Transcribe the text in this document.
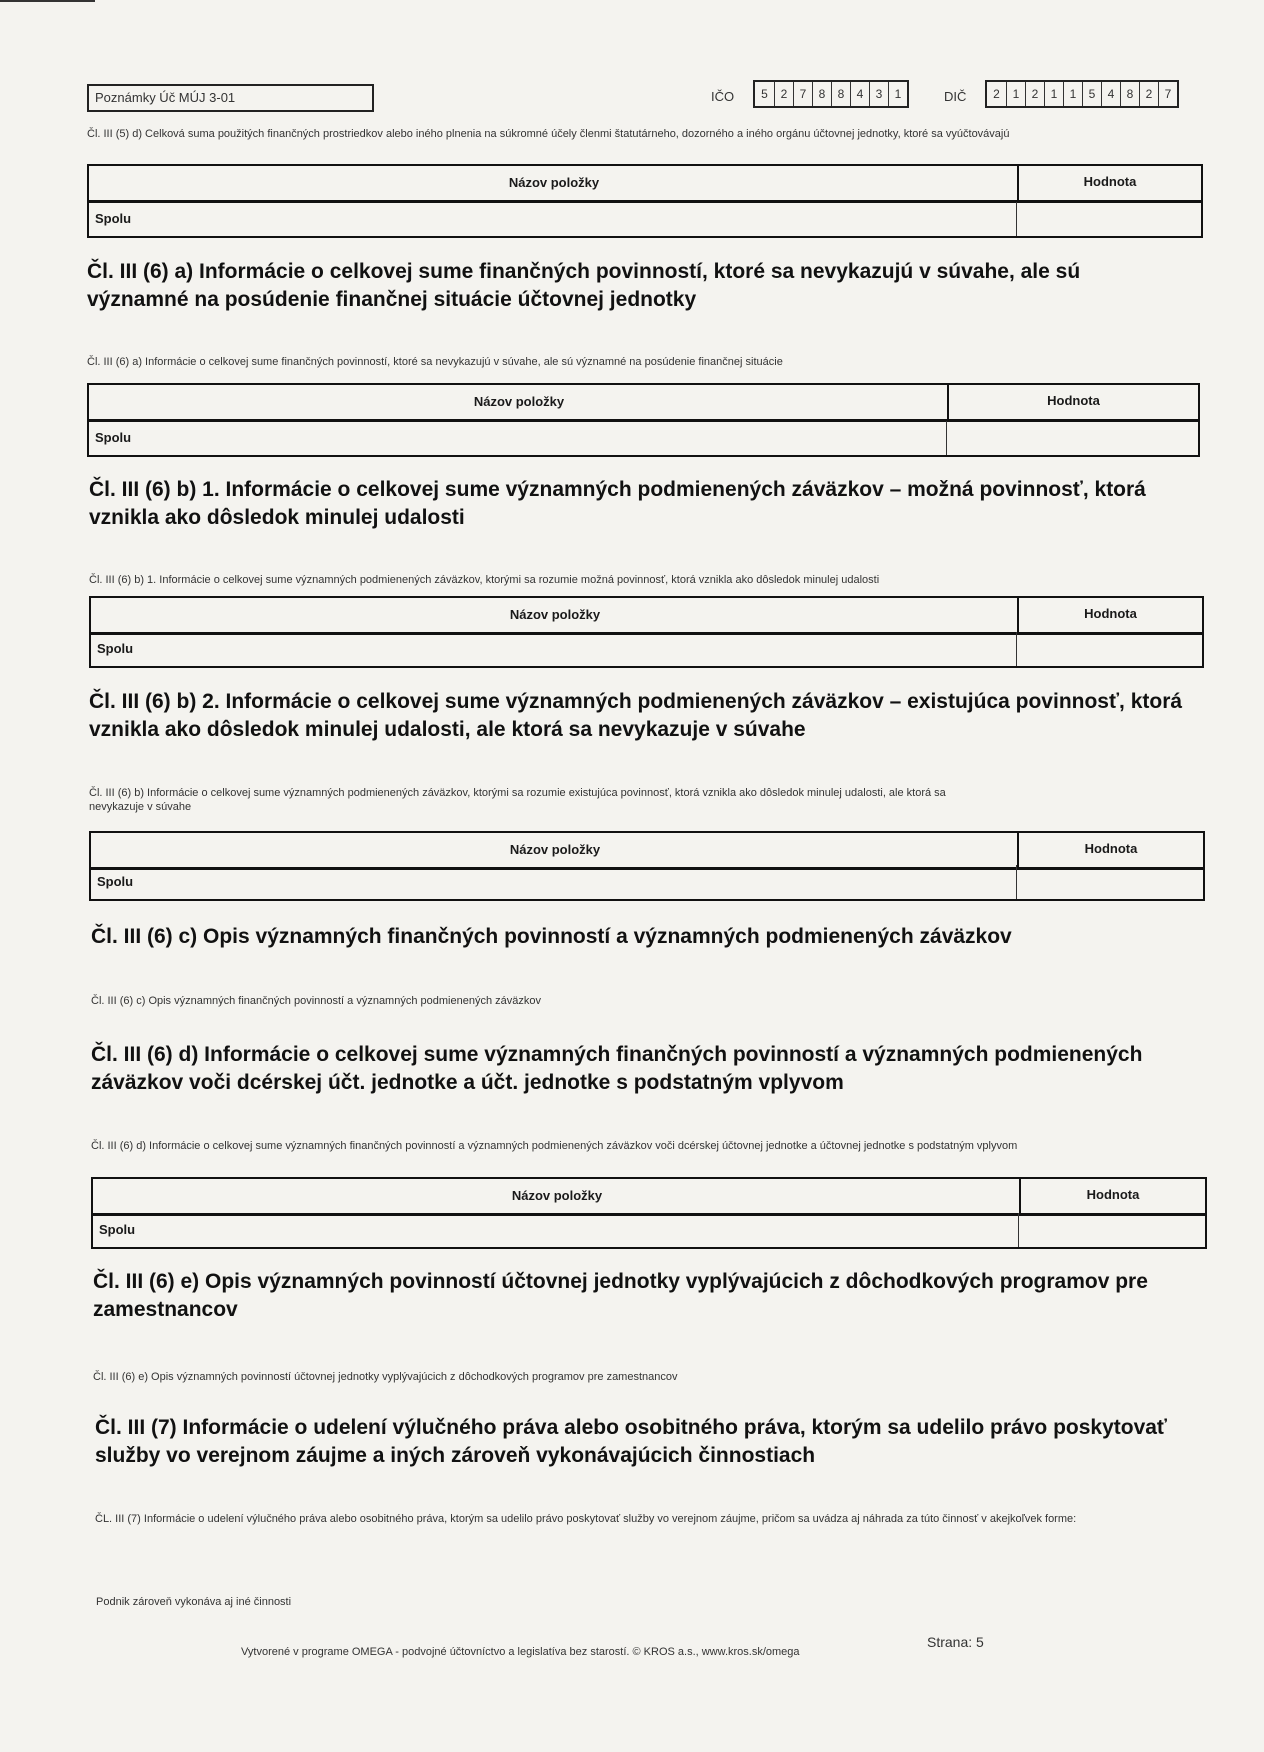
Poznámky Úč MÚJ 3-01	IČO	5	2	7	8	8	4	3	1	DIČ	2	1	2	1	1	5	4	8	2	7
Čl. III (5) d) Celková suma použitých finančných prostriedkov alebo iného plnenia na súkromné účely členmi štatutárneho, dozorného a iného orgánu účtovnej jednotky, ktoré sa vyúčtovávajú
Názov položky	Hodnota
Spolu
Čl. III (6) a) Informácie o celkovej sume finančných povinností, ktoré sa nevykazujú v súvahe, ale sú významné na posúdenie finančnej situácie účtovnej jednotky
Čl. III (6) a) Informácie o celkovej sume finančných povinností, ktoré sa nevykazujú v súvahe, ale sú významné na posúdenie finančnej situácie
Názov položky	Hodnota
Spolu
Čl. III (6) b) 1. Informácie o celkovej sume významných podmienených záväzkov – možná povinnosť, ktorá vznikla ako dôsledok minulej udalosti
Čl. III (6) b) 1. Informácie o celkovej sume významných podmienených záväzkov, ktorými sa rozumie možná povinnosť, ktorá vznikla ako dôsledok minulej udalosti
Názov položky	Hodnota
Spolu
Čl. III (6) b) 2. Informácie o celkovej sume významných podmienených záväzkov – existujúca povinnosť, ktorá vznikla ako dôsledok minulej udalosti, ale ktorá sa nevykazuje v súvahe
Čl. III (6) b) Informácie o celkovej sume významných podmienených záväzkov, ktorými sa rozumie existujúca povinnosť, ktorá vznikla ako dôsledok minulej udalosti, ale ktorá sa nevykazuje v súvahe
Názov položky	Hodnota
Spolu
Čl. III (6) c) Opis významných finančných povinností a významných podmienených záväzkov
Čl. III (6) c) Opis významných finančných povinností a významných podmienených záväzkov
Čl. III (6) d) Informácie o celkovej sume významných finančných povinností a významných podmienených záväzkov voči dcérskej účt. jednotke a účt. jednotke s podstatným vplyvom
Čl. III (6) d) Informácie o celkovej sume významných finančných povinností a významných podmienených záväzkov voči dcérskej účtovnej jednotke a účtovnej jednotke s podstatným vplyvom
Názov položky	Hodnota
Spolu
Čl. III (6) e) Opis významných povinností účtovnej jednotky vyplývajúcich z dôchodkových programov pre zamestnancov
Čl. III (6) e) Opis významných povinností účtovnej jednotky vyplývajúcich z dôchodkových programov pre zamestnancov
Čl. III (7) Informácie o udelení výlučného práva alebo osobitného práva, ktorým sa udelilo právo poskytovať služby vo verejnom záujme a iných zároveň vykonávajúcich činnostiach
ČL. III (7) Informácie o udelení výlučného práva alebo osobitného práva, ktorým sa udelilo právo poskytovať služby vo verejnom záujme, pričom sa uvádza aj náhrada za túto činnosť v akejkoľvek forme:
Podnik zároveň vykonáva aj iné činnosti
Vytvorené v programe OMEGA - podvojné účtovníctvo a legislatíva bez starostí. © KROS a.s., www.kros.sk/omega
Strana: 5
